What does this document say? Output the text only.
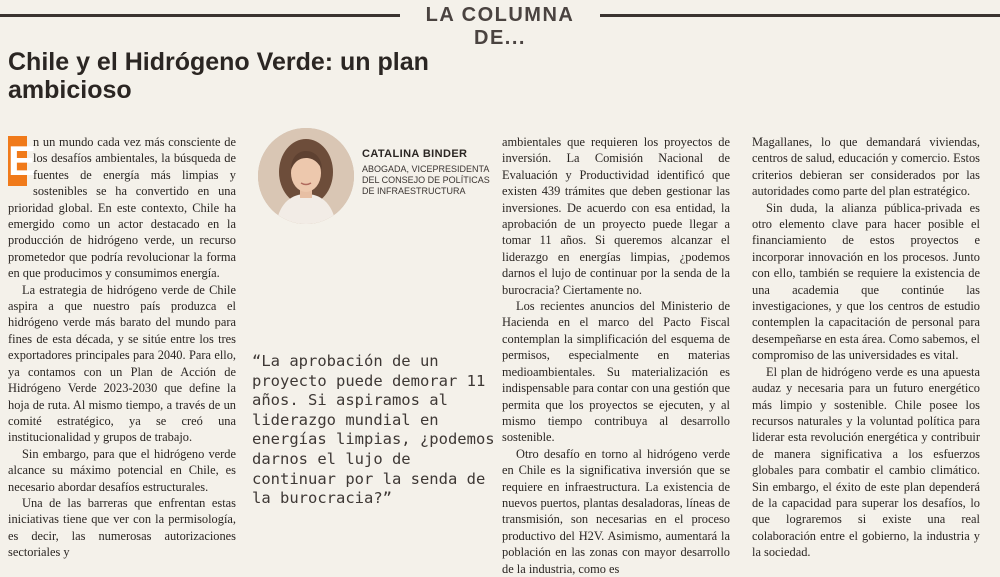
LA COLUMNA DE...
Chile y el Hidrógeno Verde: un plan ambicioso

E
n un mundo cada vez más consciente de los desafíos ambientales, la búsqueda de fuentes de energía más limpias y sostenibles se ha convertido en una prioridad global. En este contexto, Chile ha emergido como un actor destacado en la producción de hidrógeno verde, un recurso prometedor que podría revolucionar la forma en que producimos y consumimos energía.

La estrategia de hidrógeno verde de Chile aspira a que nuestro país produzca el hidrógeno verde más barato del mundo para fines de esta década, y se sitúe entre los tres exportadores principales para 2040. Para ello, ya contamos con un Plan de Acción de Hidrógeno Verde 2023-2030 que define la hoja de ruta. Al mismo tiempo, a través de un comité estratégico, ya se creó una institucionalidad y grupos de trabajo.

Sin embargo, para que el hidrógeno verde alcance su máximo potencial en Chile, es necesario abordar desafíos estructurales.

Una de las barreras que enfrentan estas iniciativas tiene que ver con la permisología, es decir, las numerosas autorizaciones sectoriales y

CATALINA BINDER
ABOGADA, VICEPRESIDENTA DEL CONSEJO DE POLÍTICAS DE INFRAESTRUCTURA

“La aprobación de un proyecto puede demorar 11 años. Si aspiramos al liderazgo mundial en energías limpias, ¿podemos darnos el lujo de continuar por la senda de la burocracia?”

ambientales que requieren los proyectos de inversión. La Comisión Nacional de Evaluación y Productividad identificó que existen 439 trámites que deben gestionar las inversiones. De acuerdo con esa entidad, la aprobación de un proyecto puede llegar a tomar 11 años. Si queremos alcanzar el liderazgo en energías limpias, ¿podemos darnos el lujo de continuar por la senda de la burocracia? Ciertamente no.

Los recientes anuncios del Ministerio de Hacienda en el marco del Pacto Fiscal contemplan la simplificación del esquema de permisos, especialmente en materias medioambientales. Su materialización es indispensable para contar con una gestión que permita que los proyectos se ejecuten, y al mismo tiempo contribuya al desarrollo sostenible.

Otro desafío en torno al hidrógeno verde en Chile es la significativa inversión que se requiere en infraestructura. La existencia de nuevos puertos, plantas desaladoras, líneas de transmisión, son necesarias en el proceso productivo del H2V. Asimismo, aumentará la población en las zonas con mayor desarrollo de la industria, como es

Magallanes, lo que demandará viviendas, centros de salud, educación y comercio. Estos criterios debieran ser considerados por las autoridades como parte del plan estratégico.

Sin duda, la alianza pública-privada es otro elemento clave para hacer posible el financiamiento de estos proyectos e incorporar innovación en los procesos. Junto con ello, también se requiere la existencia de una academia que continúe las investigaciones, y que los centros de estudio contemplen la capacitación de personal para desempeñarse en esta área. Como sabemos, el compromiso de las universidades es vital.

El plan de hidrógeno verde es una apuesta audaz y necesaria para un futuro energético más limpio y sostenible. Chile posee los recursos naturales y la voluntad política para liderar esta revolución energética y contribuir de manera significativa a los esfuerzos globales para combatir el cambio climático. Sin embargo, el éxito de este plan dependerá de la capacidad para superar los desafíos, lo que lograremos si existe una real colaboración entre el gobierno, la industria y la sociedad.
